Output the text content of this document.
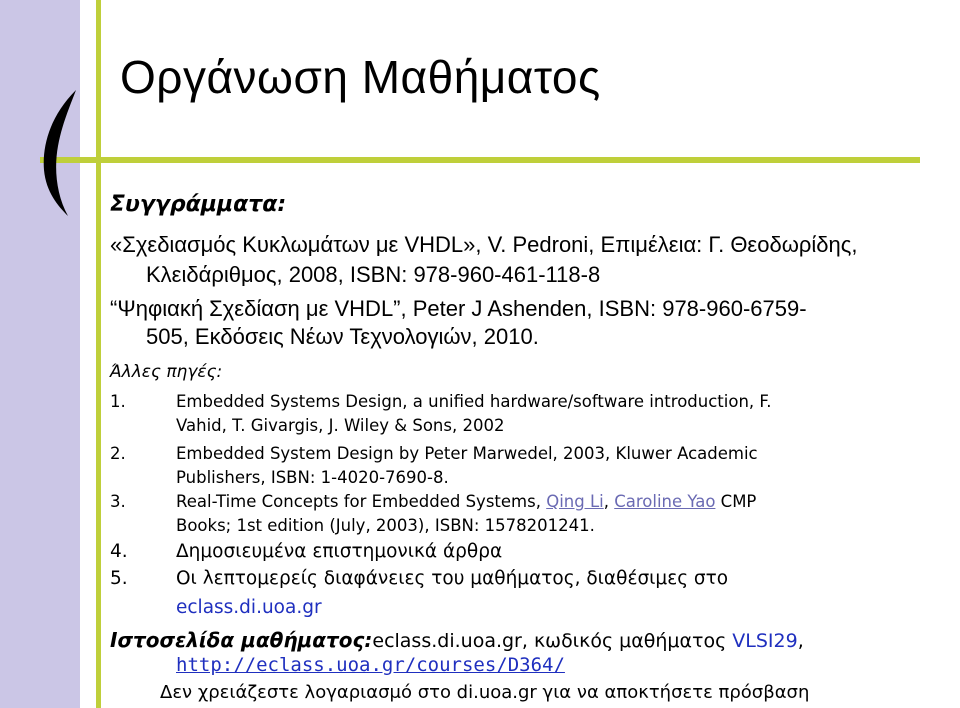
Οργάνωση Μαθήματος

Συγγράμματα:

«Σχεδιασμός Κυκλωμάτων με VHDL», V. Pedroni, Επιμέλεια: Γ. Θεοδωρίδης,

Κλειδάριθμος, 2008, ISBN: 978-960-461-118-8

“Ψηφιακή Σχεδίαση με VHDL”, Peter J Ashenden, ISBN: 978-960-6759-

505, Εκδόσεις Νέων Τεχνολογιών, 2010.

Άλλες πηγές:

1.	Embedded Systems Design, a unified hardware/software introduction, F.

Vahid, T. Givargis, J. Wiley & Sons, 2002

2.	Embedded System Design by Peter Marwedel, 2003, Kluwer Academic

Publishers, ISBN: 1-4020-7690-8.

3.	Real-Time Concepts for Embedded Systems, Qing Li, Caroline Yao CMP

Books; 1st edition (July, 2003), ISBN: 1578201241.

4.	Δημοσιευμένα επιστημονικά άρθρα

5.	Οι λεπτομερείς διαφάνειες του μαθήματος, διαθέσιμες στο

eclass.di.uoa.gr

Ιστοσελίδα μαθήματος:eclass.di.uoa.gr, κωδικός μαθήματος VLSI29,

http://eclass.uoa.gr/courses/D364/

Δεν χρειάζεστε λογαριασμό στο di.uoa.gr για να αποκτήσετε πρόσβαση
